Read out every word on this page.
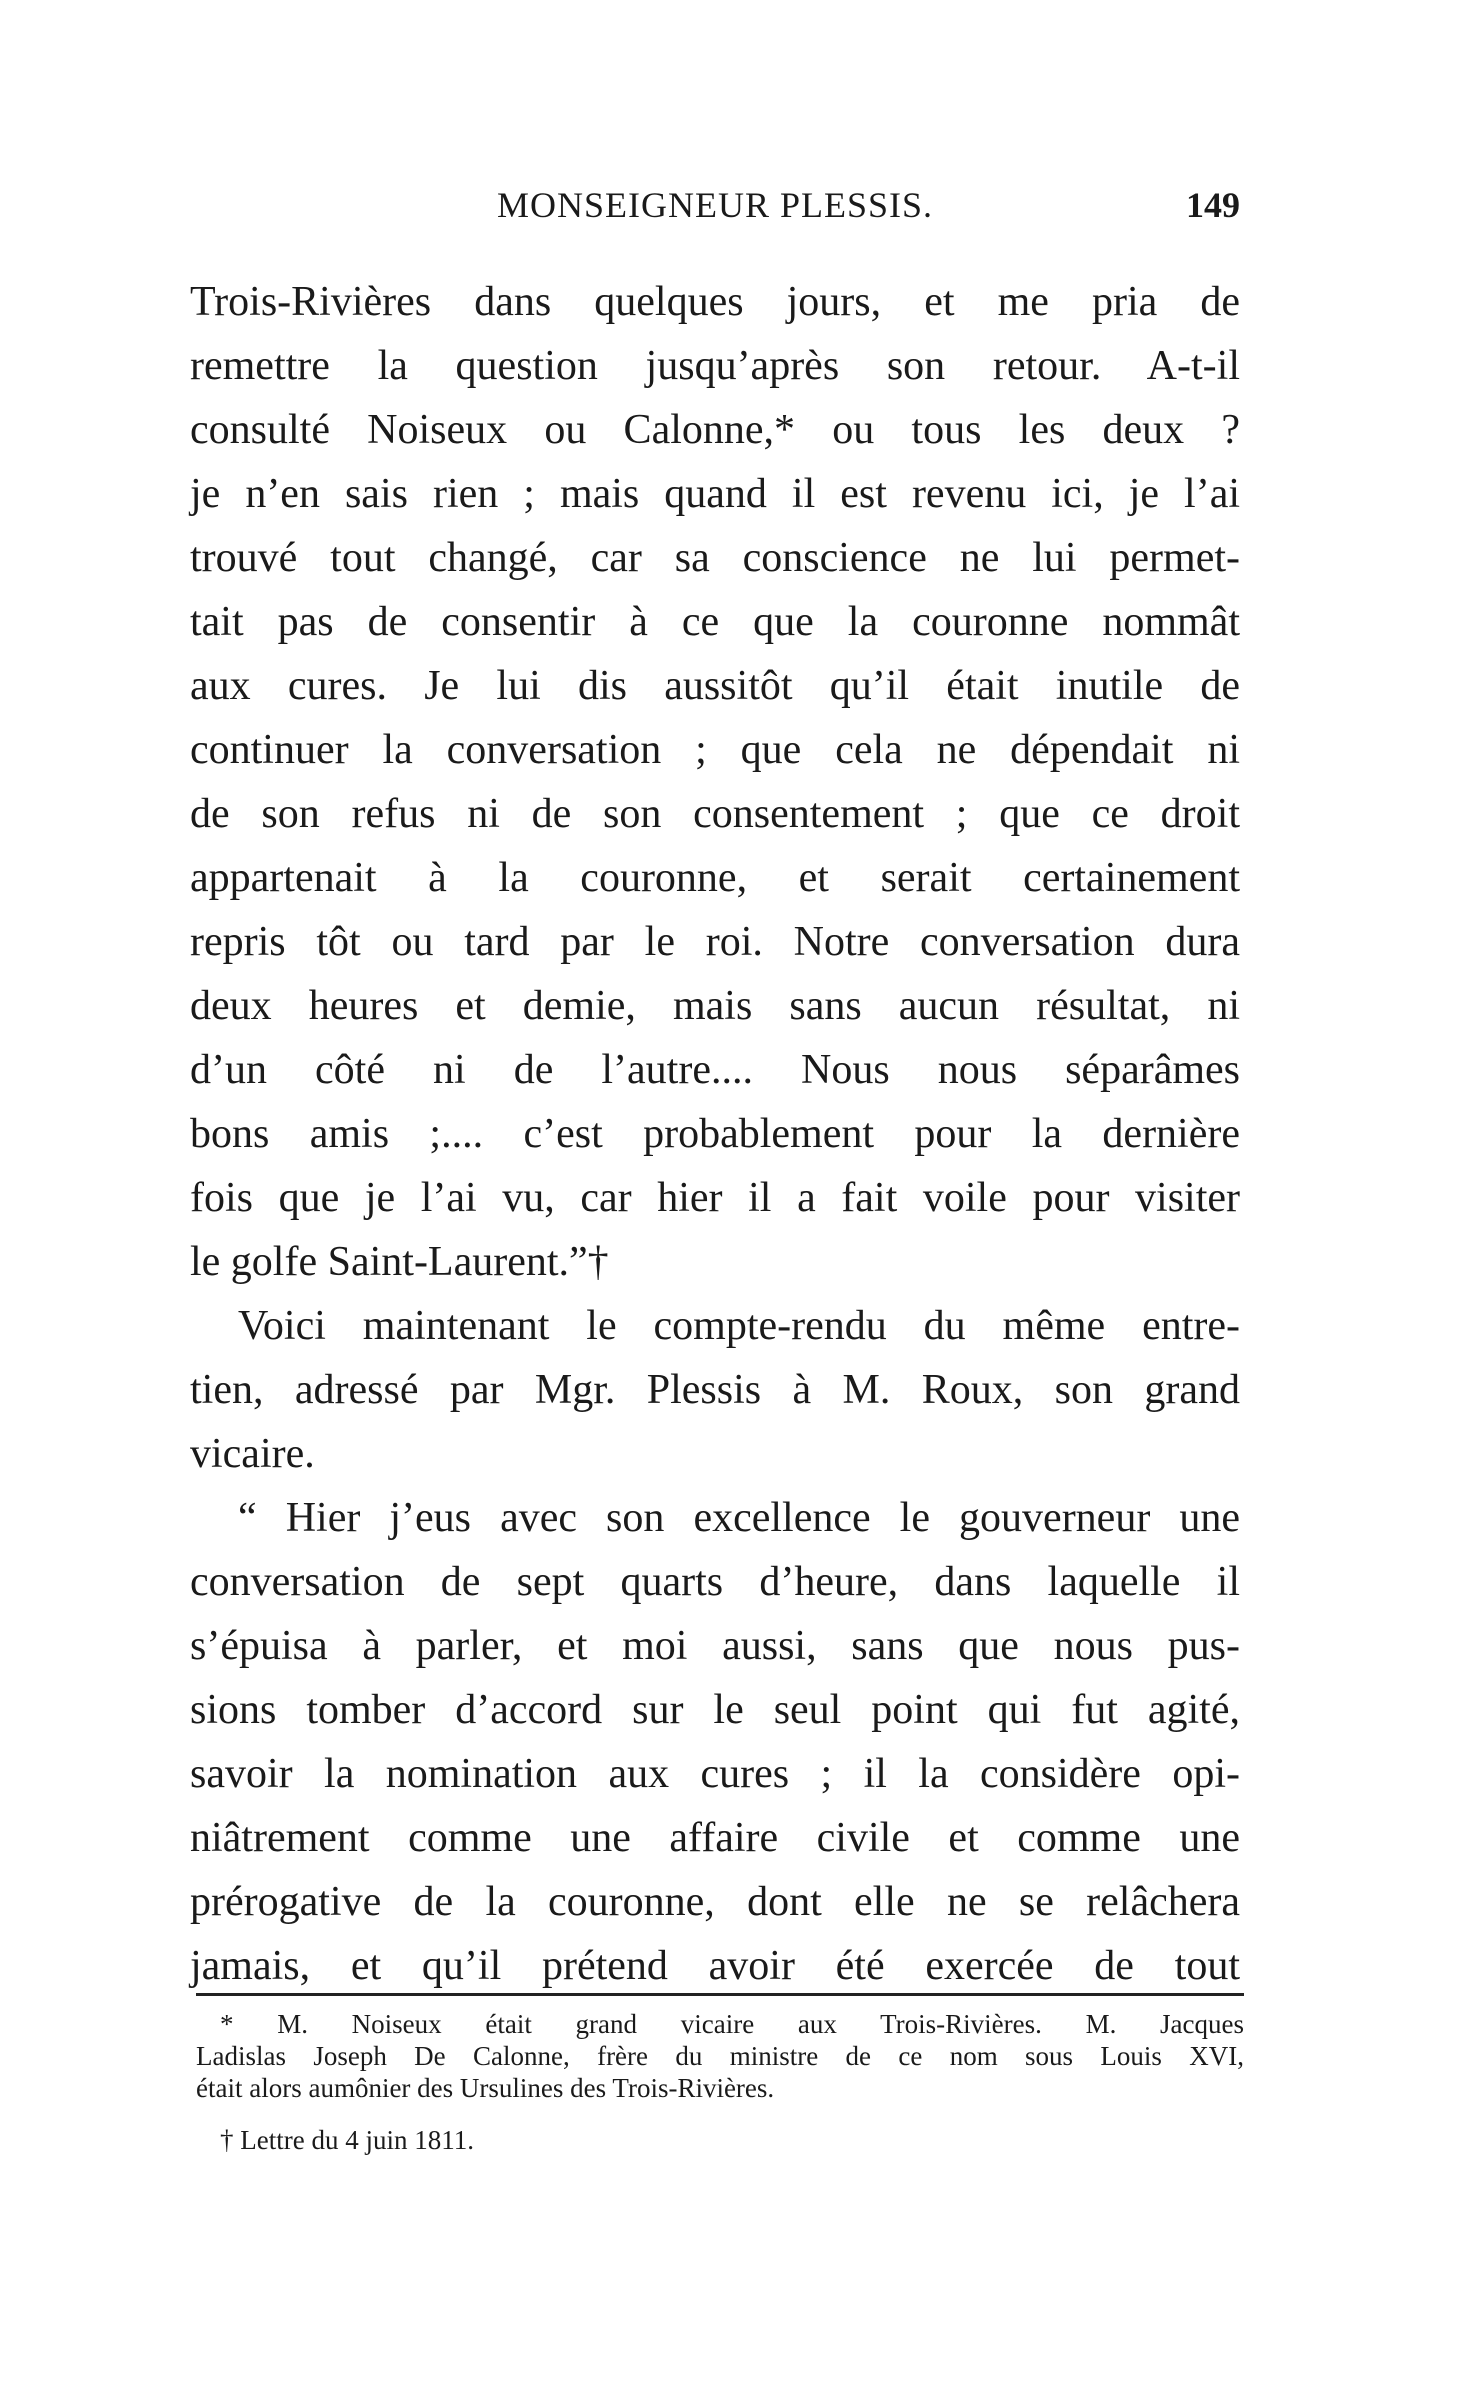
MONSEIGNEUR PLESSIS.	149
Trois-Rivières dans quelques jours, et me pria de
remettre la question jusqu’après son retour. A-t-il
consulté Noiseux ou Calonne,* ou tous les deux ?
je n’en sais rien ; mais quand il est revenu ici, je l’ai
trouvé tout changé, car sa conscience ne lui permet-
tait pas de consentir à ce que la couronne nommât
aux cures. Je lui dis aussitôt qu’il était inutile de
continuer la conversation ; que cela ne dépendait ni
de son refus ni de son consentement ; que ce droit
appartenait à la couronne, et serait certainement
repris tôt ou tard par le roi. Notre conversation dura
deux heures et demie, mais sans aucun résultat, ni
d’un côté ni de l’autre.... Nous nous séparâmes
bons amis ;.... c’est probablement pour la dernière
fois que je l’ai vu, car hier il a fait voile pour visiter
le golfe Saint-Laurent.”†
Voici maintenant le compte-rendu du même entre-
tien, adressé par Mgr. Plessis à M. Roux, son grand
vicaire.
“ Hier j’eus avec son excellence le gouverneur une
conversation de sept quarts d’heure, dans laquelle il
s’épuisa à parler, et moi aussi, sans que nous pus-
sions tomber d’accord sur le seul point qui fut agité,
savoir la nomination aux cures ; il la considère opi-
niâtrement comme une affaire civile et comme une
prérogative de la couronne, dont elle ne se relâchera
jamais, et qu’il prétend avoir été exercée de tout
* M. Noiseux était grand vicaire aux Trois-Rivières. M. Jacques
Ladislas Joseph De Calonne, frère du ministre de ce nom sous Louis XVI,
était alors aumônier des Ursulines des Trois-Rivières.
† Lettre du 4 juin 1811.
